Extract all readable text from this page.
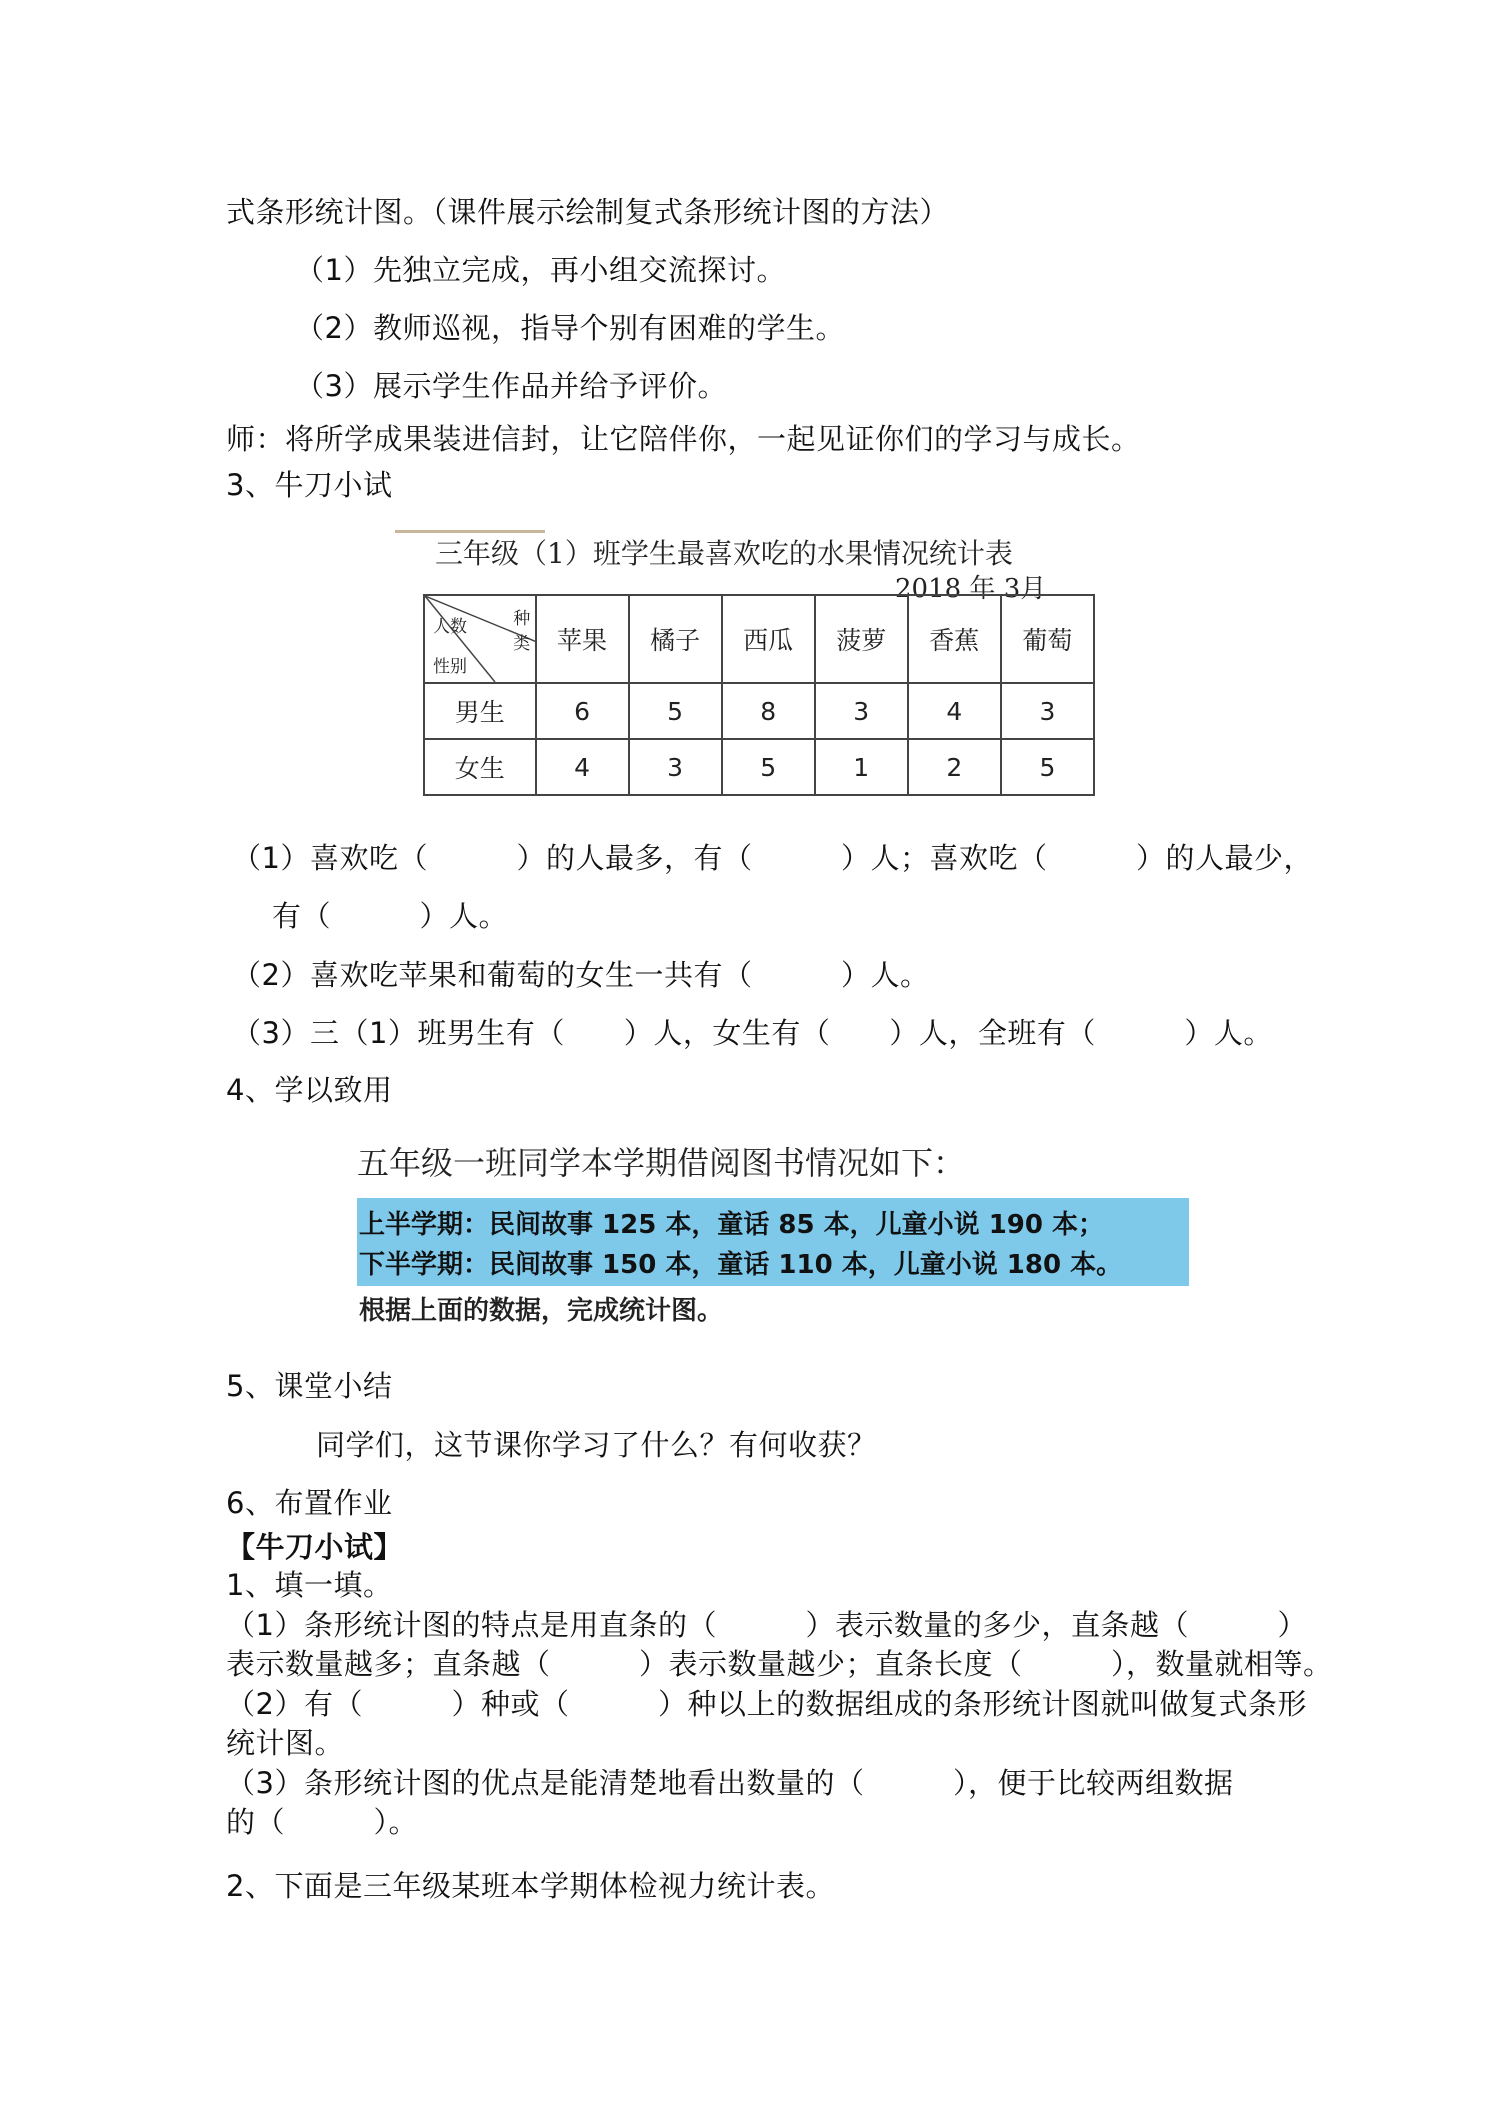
式条形统计图。（课件展示绘制复式条形统计图的方法）
（1）先独立完成，再小组交流探讨。
（2）教师巡视，指导个别有困难的学生。
（3）展示学生作品并给予评价。
师：将所学成果装进信封，让它陪伴你，一起见证你们的学习与成长。
3、牛刀小试
三年级（1）班学生最喜欢吃的水果情况统计表
2018 年 3月
人数 种类
性别	苹果	橘子	西瓜	菠萝	香蕉	葡萄
男生	6	5	8	3	4	3
女生	4	3	5	1	2	5
（1）喜欢吃（　　　）的人最多，有（　　　）人；喜欢吃（　　　）的人最少，
有（　　　）人。
（2）喜欢吃苹果和葡萄的女生一共有（　　　）人。
（3）三（1）班男生有（　　）人，女生有（　　）人，全班有（　　　）人。
4、学以致用
五年级一班同学本学期借阅图书情况如下：
上半学期：民间故事 125 本，童话 85 本，儿童小说 190 本；
下半学期：民间故事 150 本，童话 110 本，儿童小说 180 本。
根据上面的数据，完成统计图。
5、课堂小结
同学们，这节课你学习了什么？有何收获？
6、布置作业
【牛刀小试】
1、填一填。
（1）条形统计图的特点是用直条的（　　　）表示数量的多少，直条越（　　　）
表示数量越多；直条越（　　　）表示数量越少；直条长度（　　　），数量就相等。
（2）有（　　　）种或（　　　）种以上的数据组成的条形统计图就叫做复式条形
统计图。
（3）条形统计图的优点是能清楚地看出数量的（　　　），便于比较两组数据
的（　　　）。
2、下面是三年级某班本学期体检视力统计表。
